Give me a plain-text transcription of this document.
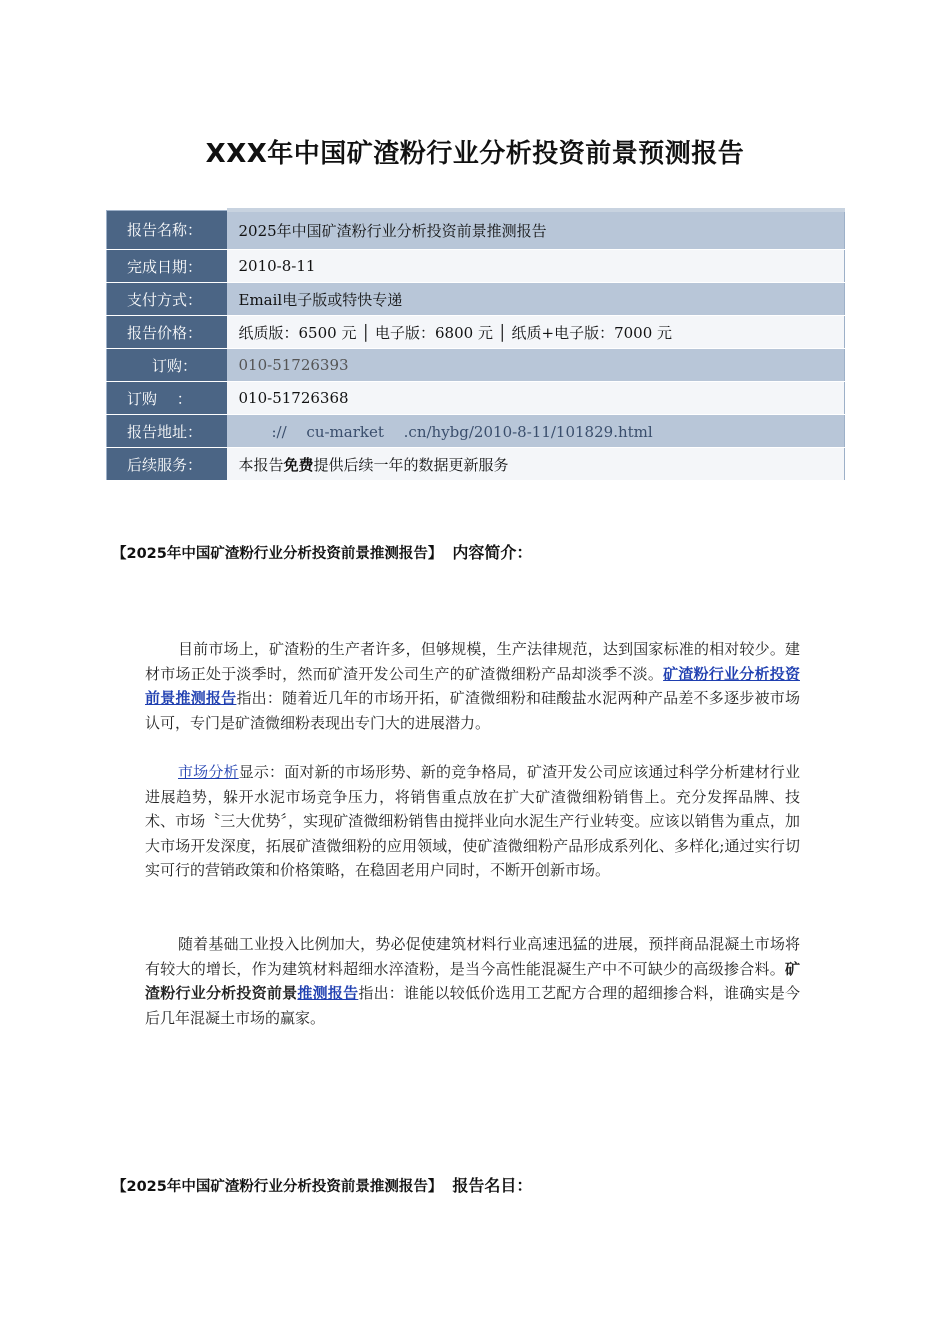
XXX年中国矿渣粉行业分析投资前景预测报告
报告名称：	2025年中国矿渣粉行业分析投资前景推测报告
完成日期：	2010-8-11
支付方式：	Email电子版或特快专递
报告价格：	纸质版：6500 元 │ 电子版：6800 元 │ 纸质+电子版：7000 元
订购：	010-51726393
订购　 ：	010-51726368
报告地址：	://　 cu-market　 .cn/hybg/2010-8-11/101829.html
后续服务：	本报告免费提供后续一年的数据更新服务
【2025年中国矿渣粉行业分析投资前景推测报告】 内容简介：

目前市场上，矿渣粉的生产者许多，但够规模，生产法律规范，达到国家标准的相对较少。建材市场正处于淡季时，然而矿渣开发公司生产的矿渣微细粉产品却淡季不淡。矿渣粉行业分析投资前景推测报告指出：随着近几年的市场开拓，矿渣微细粉和硅酸盐水泥两种产品差不多逐步被市场认可，专门是矿渣微细粉表现出专门大的进展潜力。

市场分析显示：面对新的市场形势、新的竞争格局，矿渣开发公司应该通过科学分析建材行业进展趋势，躲开水泥市场竞争压力，将销售重点放在扩大矿渣微细粉销售上。充分发挥品牌、技术、市场〝三大优势〞，实现矿渣微细粉销售由搅拌业向水泥生产行业转变。应该以销售为重点，加大市场开发深度，拓展矿渣微细粉的应用领域，使矿渣微细粉产品形成系列化、多样化;通过实行切实可行的营销政策和价格策略，在稳固老用户同时，不断开创新市场。

随着基础工业投入比例加大，势必促使建筑材料行业高速迅猛的进展，预拌商品混凝土市场将有较大的增长，作为建筑材料超细水淬渣粉，是当今高性能混凝生产中不可缺少的高级掺合料。矿渣粉行业分析投资前景推测报告指出：谁能以较低价选用工艺配方合理的超细掺合料，谁确实是今后几年混凝土市场的赢家。

【2025年中国矿渣粉行业分析投资前景推测报告】 报告名目：
